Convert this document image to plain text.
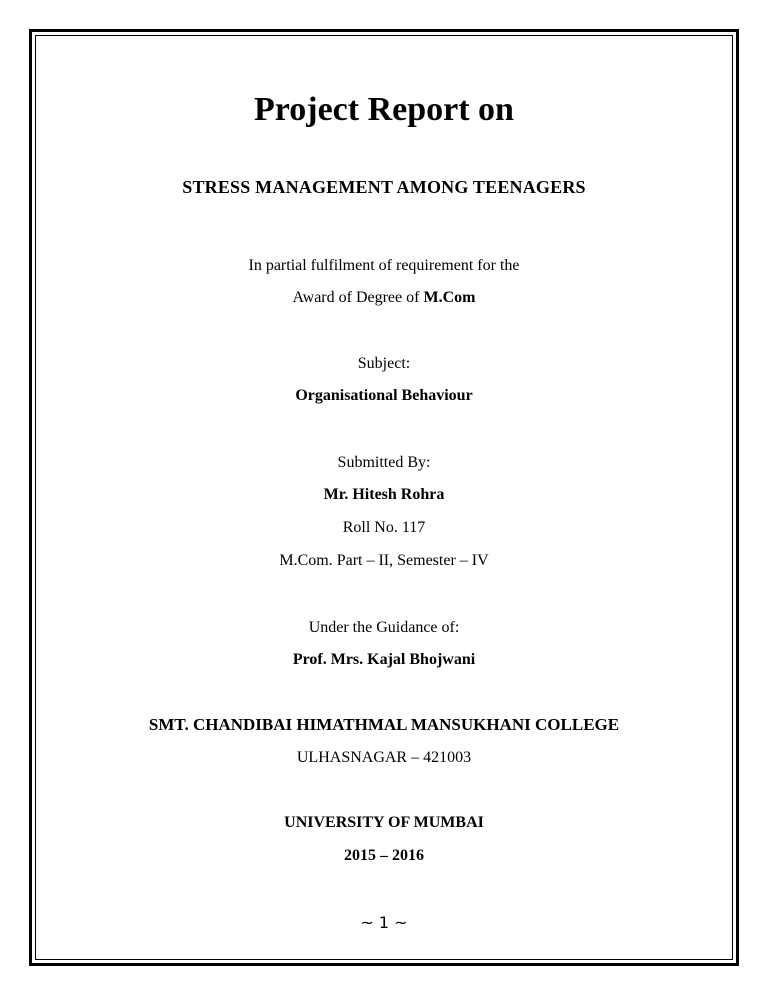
Project Report on
STRESS MANAGEMENT AMONG TEENAGERS
In partial fulfilment of requirement for the
Award of Degree of M.Com
Subject:
Organisational Behaviour
Submitted By:
Mr. Hitesh Rohra
Roll No. 117
M.Com. Part – II, Semester – IV
Under the Guidance of:
Prof. Mrs. Kajal Bhojwani
SMT. CHANDIBAI HIMATHMAL MANSUKHANI COLLEGE
ULHASNAGAR – 421003
UNIVERSITY OF MUMBAI
2015 – 2016
~ 1 ~
